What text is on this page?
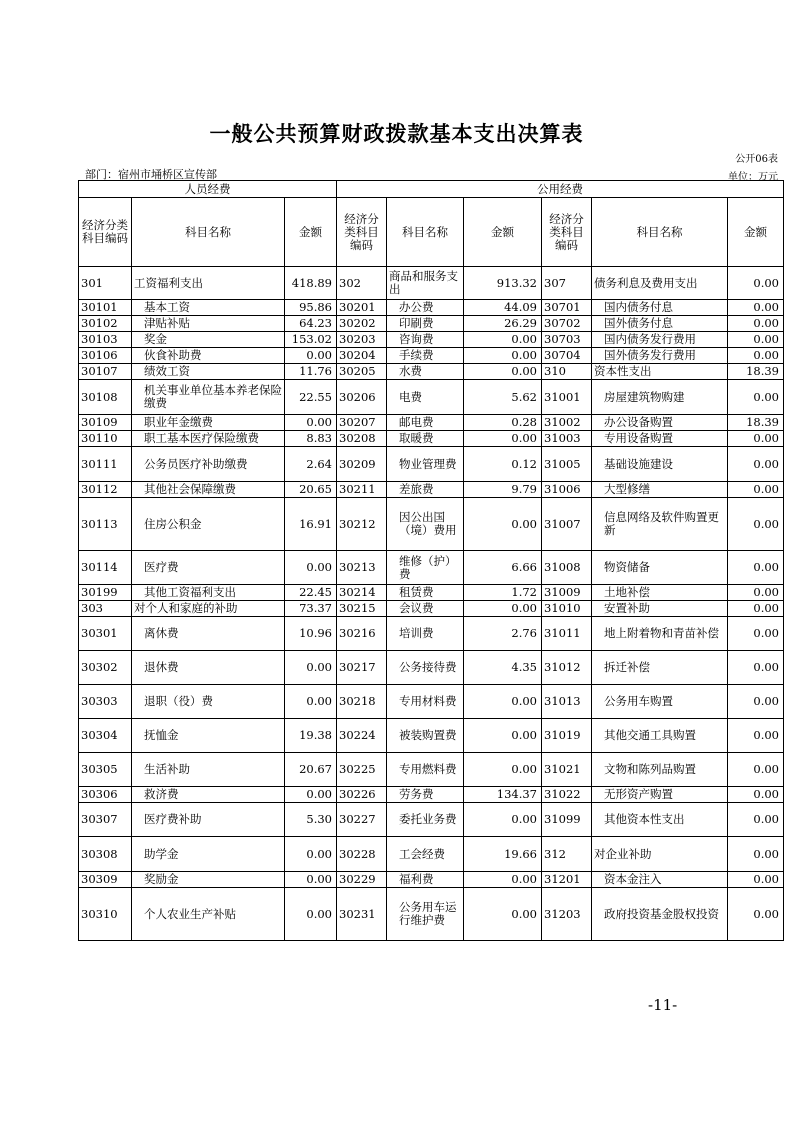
一般公共预算财政拨款基本支出决算表
公开06表
部门：宿州市埇桥区宣传部	单位：万元
人员经费			公用经费					
经济分类科目编码	科目名称	金额	经济分类科目编码	科目名称	金额	经济分类科目编码	科目名称	金额
301	工资福利支出	418.89	302	商品和服务支出	913.32	307	债务利息及费用支出	0.00
30101	基本工资	95.86	30201	办公费	44.09	30701	国内债务付息	0.00
30102	津贴补贴	64.23	30202	印刷费	26.29	30702	国外债务付息	0.00
30103	奖金	153.02	30203	咨询费	0.00	30703	国内债务发行费用	0.00
30106	伙食补助费	0.00	30204	手续费	0.00	30704	国外债务发行费用	0.00
30107	绩效工资	11.76	30205	水费	0.00	310	资本性支出	18.39
30108	机关事业单位基本养老保险缴费	22.55	30206	电费	5.62	31001	房屋建筑物购建	0.00
30109	职业年金缴费	0.00	30207	邮电费	0.28	31002	办公设备购置	18.39
30110	职工基本医疗保险缴费	8.83	30208	取暖费	0.00	31003	专用设备购置	0.00
30111	公务员医疗补助缴费	2.64	30209	物业管理费	0.12	31005	基础设施建设	0.00
30112	其他社会保障缴费	20.65	30211	差旅费	9.79	31006	大型修缮	0.00
30113	住房公积金	16.91	30212	因公出国（境）费用	0.00	31007	信息网络及软件购置更新	0.00
30114	医疗费	0.00	30213	维修（护）费	6.66	31008	物资储备	0.00
30199	其他工资福利支出	22.45	30214	租赁费	1.72	31009	土地补偿	0.00
303	对个人和家庭的补助	73.37	30215	会议费	0.00	31010	安置补助	0.00
30301	离休费	10.96	30216	培训费	2.76	31011	地上附着物和青苗补偿	0.00
30302	退休费	0.00	30217	公务接待费	4.35	31012	拆迁补偿	0.00
30303	退职（役）费	0.00	30218	专用材料费	0.00	31013	公务用车购置	0.00
30304	抚恤金	19.38	30224	被装购置费	0.00	31019	其他交通工具购置	0.00
30305	生活补助	20.67	30225	专用燃料费	0.00	31021	文物和陈列品购置	0.00
30306	救济费	0.00	30226	劳务费	134.37	31022	无形资产购置	0.00
30307	医疗费补助	5.30	30227	委托业务费	0.00	31099	其他资本性支出	0.00
30308	助学金	0.00	30228	工会经费	19.66	312	对企业补助	0.00
30309	奖励金	0.00	30229	福利费	0.00	31201	资本金注入	0.00
30310	个人农业生产补贴	0.00	30231	公务用车运行维护费	0.00	31203	政府投资基金股权投资	0.00
-11-
